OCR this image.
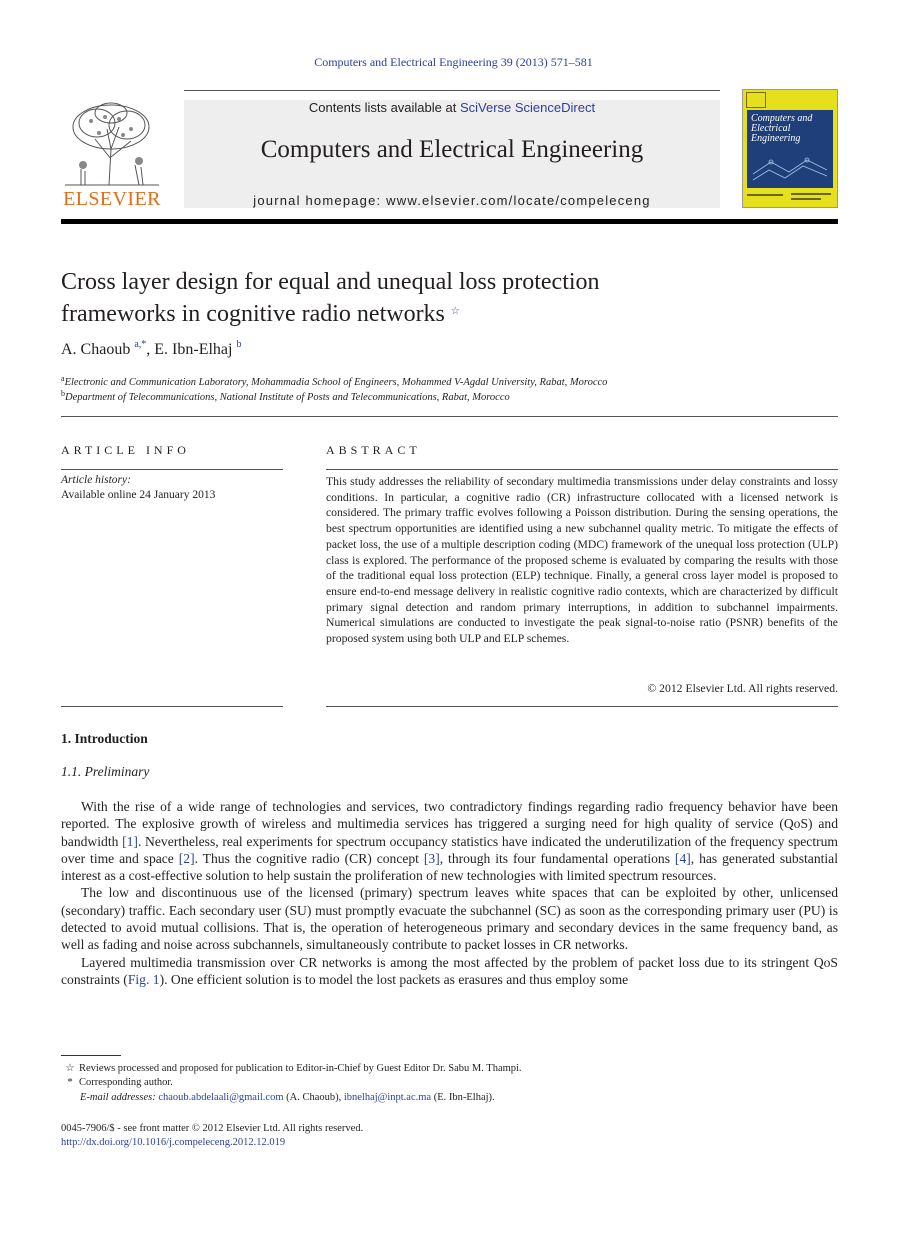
Computers and Electrical Engineering 39 (2013) 571–581
ELSEVIER
Contents lists available at SciVerse ScienceDirect
Computers and Electrical Engineering
journal homepage: www.elsevier.com/locate/compeleceng
Computers and
Electrical Engineering
Cross layer design for equal and unequal loss protection
frameworks in cognitive radio networks ☆
A. Chaoub $^{a,*}$, E. Ibn-Elhaj $^b$
$^a$Electronic and Communication Laboratory, Mohammadia School of Engineers, Mohammed V-Agdal University, Rabat, Morocco
$^b$Department of Telecommunications, National Institute of Posts and Telecommunications, Rabat, Morocco
ARTICLE INFO	ABSTRACT
Article history:
Available online 24 January 2013

This study addresses the reliability of secondary multimedia transmissions under delay constraints and lossy conditions. In particular, a cognitive radio (CR) infrastructure collocated with a licensed network is considered. The primary traffic evolves following a Poisson distribution. During the sensing operations, the best spectrum opportunities are identified using a new subchannel quality metric. To mitigate the effects of packet loss, the use of a multiple description coding (MDC) framework of the unequal loss protection (ULP) class is explored. The performance of the proposed scheme is evaluated by comparing the results with those of the traditional equal loss protection (ELP) technique. Finally, a general cross layer model is proposed to ensure end-to-end message delivery in realistic cognitive radio contexts, which are characterized by difficult primary signal detection and random primary interruptions, in addition to subchannel impairments. Numerical simulations are conducted to investigate the peak signal-to-noise ratio (PSNR) benefits of the proposed system using both ULP and ELP schemes.

© 2012 Elsevier Ltd. All rights reserved.
1. Introduction
1.1. Preliminary

With the rise of a wide range of technologies and services, two contradictory findings regarding radio frequency behavior have been reported. The explosive growth of wireless and multimedia services has triggered a surging need for high quality of service (QoS) and bandwidth [1]. Nevertheless, real experiments for spectrum occupancy statistics have indicated the underutilization of the frequency spectrum over time and space [2]. Thus the cognitive radio (CR) concept [3], through its four fundamental operations [4], has generated substantial interest as a cost-effective solution to help sustain the proliferation of new technologies with limited spectrum resources.

The low and discontinuous use of the licensed (primary) spectrum leaves white spaces that can be exploited by other, unlicensed (secondary) traffic. Each secondary user (SU) must promptly evacuate the subchannel (SC) as soon as the corresponding primary user (PU) is detected to avoid mutual collisions. That is, the operation of heterogeneous primary and secondary devices in the same frequency band, as well as fading and noise across subchannels, simultaneously contribute to packet losses in CR networks.

Layered multimedia transmission over CR networks is among the most affected by the problem of packet loss due to its stringent QoS constraints (Fig. 1). One efficient solution is to model the lost packets as erasures and thus employ some

☆ Reviews processed and proposed for publication to Editor-in-Chief by Guest Editor Dr. Sabu M. Thampi.
* Corresponding author.
E-mail addresses: chaoub.abdelaali@gmail.com (A. Chaoub), ibnelhaj@inpt.ac.ma (E. Ibn-Elhaj).
0045-7906/$ - see front matter © 2012 Elsevier Ltd. All rights reserved.
http://dx.doi.org/10.1016/j.compeleceng.2012.12.019
